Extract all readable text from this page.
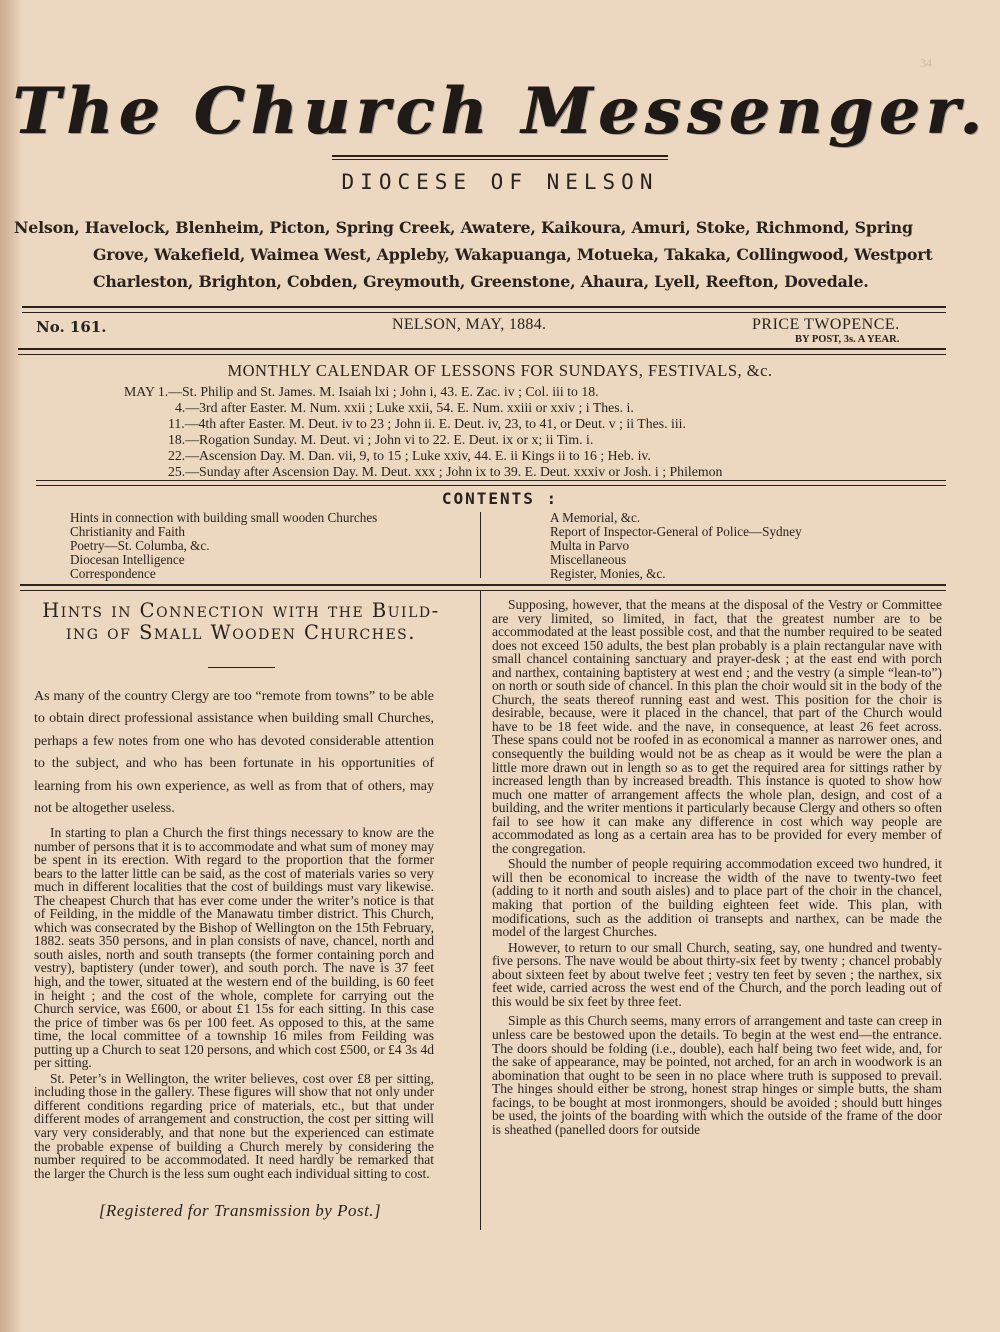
34
The Church Messenger.
DIOCESE OF NELSON
Nelson, Havelock, Blenheim, Picton, Spring Creek, Awatere, Kaikoura, Amuri, Stoke, Richmond, Spring
Grove, Wakefield, Waimea West, Appleby, Wakapuanga, Motueka, Takaka, Collingwood, Westport
Charleston, Brighton, Cobden, Greymouth, Greenstone, Ahaura, Lyell, Reefton, Dovedale.
No. 161.	NELSON, MAY, 1884.	PRICE TWOPENCE.
BY POST, 3s. A YEAR.
MONTHLY CALENDAR OF LESSONS FOR SUNDAYS, FESTIVALS, &c.
MAY 1.—St. Philip and St. James. M. Isaiah lxi ; John i, 43. E. Zac. iv ; Col. iii to 18.
4.—3rd after Easter. M. Num. xxii ; Luke xxii, 54. E. Num. xxiii or xxiv ; i Thes. i.
11.—4th after Easter. M. Deut. iv to 23 ; John ii. E. Deut. iv, 23, to 41, or Deut. v ; ii Thes. iii.
18.—Rogation Sunday. M. Deut. vi ; John vi to 22. E. Deut. ix or x; ii Tim. i.
22.—Ascension Day. M. Dan. vii, 9, to 15 ; Luke xxiv, 44. E. ii Kings ii to 16 ; Heb. iv.
25.—Sunday after Ascension Day. M. Deut. xxx ; John ix to 39. E. Deut. xxxiv or Josh. i ; Philemon
CONTENTS :
Hints in connection with building small wooden Churches
Christianity and Faith
Poetry—St. Columba, &c.
Diocesan Intelligence
Correspondence
A Memorial, &c.
Report of Inspector-General of Police—Sydney
Multa in Parvo
Miscellaneous
Register, Monies, &c.
Hints in Connection with the Build-
ing of Small Wooden Churches.

As many of the country Clergy are too “remote from towns” to be able to obtain direct professional assistance when building small Churches, perhaps a few notes from one who has devoted considerable attention to the subject, and who has been fortunate in his opportunities of learning from his own experience, as well as from that of others, may not be altogether useless.

In starting to plan a Church the first things necessary to know are the number of persons that it is to accommodate and what sum of money may be spent in its erection. With regard to the proportion that the former bears to the latter little can be said, as the cost of materials varies so very much in different localities that the cost of buildings must vary likewise. The cheapest Church that has ever come under the writer’s notice is that of Feilding, in the middle of the Manawatu timber district. This Church, which was consecrated by the Bishop of Wellington on the 15th February, 1882. seats 350 persons, and in plan consists of nave, chancel, north and south aisles, north and south transepts (the former containing porch and vestry), baptistery (under tower), and south porch. The nave is 37 feet high, and the tower, situated at the western end of the building, is 60 feet in height ; and the cost of the whole, complete for carrying out the Church service, was £600, or about £1 15s for each sitting. In this case the price of timber was 6s per 100 feet. As opposed to this, at the same time, the local committee of a township 16 miles from Feilding was putting up a Church to seat 120 persons, and which cost £500, or £4 3s 4d per sitting.

St. Peter’s in Wellington, the writer believes, cost over £8 per sitting, including those in the gallery. These figures will show that not only under different conditions regarding price of materials, etc., but that under different modes of arrangement and construction, the cost per sitting will vary very considerably, and that none but the experienced can estimate the probable expense of building a Church merely by considering the number required to be accommodated. It need hardly be remarked that the larger the Church is the less sum ought each individual sitting to cost.

[Registered for Transmission by Post.]

Supposing, however, that the means at the disposal of the Vestry or Committee are very limited, so limited, in fact, that the greatest number are to be accommodated at the least possible cost, and that the number required to be seated does not exceed 150 adults, the best plan probably is a plain rectangular nave with small chancel containing sanctuary and prayer-desk ; at the east end with porch and narthex, containing baptistery at west end ; and the vestry (a simple “lean-to”) on north or south side of chancel. In this plan the choir would sit in the body of the Church, the seats thereof running east and west. This position for the choir is desirable, because, were it placed in the chancel, that part of the Church would have to be 18 feet wide. and the nave, in consequence, at least 26 feet across. These spans could not be roofed in as economical a manner as narrower ones, and consequently the building would not be as cheap as it would be were the plan a little more drawn out in length so as to get the required area for sittings rather by increased length than by increased breadth. This instance is quoted to show how much one matter of arrangement affects the whole plan, design, and cost of a building, and the writer mentions it particularly because Clergy and others so often fail to see how it can make any difference in cost which way people are accommodated as long as a certain area has to be provided for every member of the congregation.

Should the number of people requiring accommodation exceed two hundred, it will then be economical to increase the width of the nave to twenty-two feet (adding to it north and south aisles) and to place part of the choir in the chancel, making that portion of the building eighteen feet wide. This plan, with modifications, such as the addition oi transepts and narthex, can be made the model of the largest Churches.

However, to return to our small Church, seating, say, one hundred and twenty-five persons. The nave would be about thirty-six feet by twenty ; chancel probably about sixteen feet by about twelve feet ; vestry ten feet by seven ; the narthex, six feet wide, carried across the west end of the Church, and the porch leading out of this would be six feet by three feet.

Simple as this Church seems, many errors of arrangement and taste can creep in unless care be bestowed upon the details. To begin at the west end—the entrance. The doors should be folding (i.e., double), each half being two feet wide, and, for the sake of appearance, may be pointed, not arched, for an arch in woodwork is an abomination that ought to be seen in no place where truth is supposed to prevail. The hinges should either be strong, honest strap hinges or simple butts, the sham facings, to be bought at most ironmongers, should be avoided ; should butt hinges be used, the joints of the boarding with which the outside of the frame of the door is sheathed (panelled doors for outside
